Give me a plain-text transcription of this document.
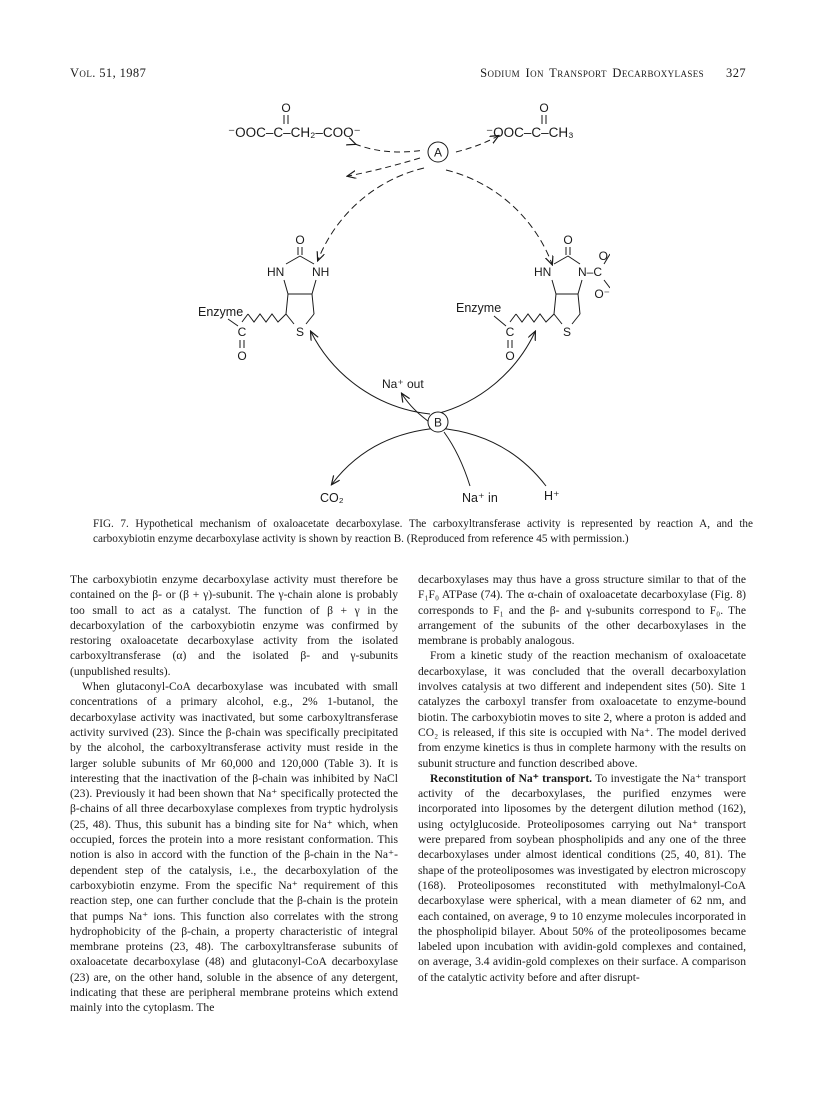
Vol. 51, 1987	Sodium Ion Transport Decarboxylases 327
O
⁻OOC–C–CH₂–COO⁻
O
⁻OOC–C–CH₃
A
O
HN NH
S
Enzyme
C
O
O
HN N–C
O
O⁻
S
Enzyme
C
O
Na⁺ out
B
CO₂	Na⁺ in	H⁺
FIG. 7. Hypothetical mechanism of oxaloacetate decarboxylase. The carboxyltransferase activity is represented by reaction A, and the carboxybiotin enzyme decarboxylase activity is shown by reaction B. (Reproduced from reference 45 with permission.)

The carboxybiotin enzyme decarboxylase activity must therefore be contained on the β- or (β + γ)-subunit. The γ-chain alone is probably too small to act as a catalyst. The function of β + γ in the decarboxylation of the carboxybiotin enzyme was confirmed by restoring oxaloacetate decarboxylase activity from the isolated carboxyltransferase (α) and the isolated β- and γ-subunits (unpublished results).

When glutaconyl-CoA decarboxylase was incubated with small concentrations of a primary alcohol, e.g., 2% 1-butanol, the decarboxylase activity was inactivated, but some carboxyltransferase activity survived (23). Since the β-chain was specifically precipitated by the alcohol, the carboxyltransferase activity must reside in the larger soluble subunits of Mr 60,000 and 120,000 (Table 3). It is interesting that the inactivation of the β-chain was inhibited by NaCl (23). Previously it had been shown that Na⁺ specifically protected the β-chains of all three decarboxylase complexes from tryptic hydrolysis (25, 48). Thus, this subunit has a binding site for Na⁺ which, when occupied, forces the protein into a more resistant conformation. This notion is also in accord with the function of the β-chain in the Na⁺-dependent step of the catalysis, i.e., the decarboxylation of the carboxybiotin enzyme. From the specific Na⁺ requirement of this reaction step, one can further conclude that the β-chain is the protein that pumps Na⁺ ions. This function also correlates with the strong hydrophobicity of the β-chain, a property characteristic of integral membrane proteins (23, 48). The carboxyltransferase subunits of oxaloacetate decarboxylase (48) and glutaconyl-CoA decarboxylase (23) are, on the other hand, soluble in the absence of any detergent, indicating that these are peripheral membrane proteins which extend mainly into the cytoplasm. The

decarboxylases may thus have a gross structure similar to that of the F₁F₀ ATPase (74). The α-chain of oxaloacetate decarboxylase (Fig. 8) corresponds to F₁ and the β- and γ-subunits correspond to F₀. The arrangement of the subunits of the other decarboxylases in the membrane is probably analogous.

From a kinetic study of the reaction mechanism of oxaloacetate decarboxylase, it was concluded that the overall decarboxylation involves catalysis at two different and independent sites (50). Site 1 catalyzes the carboxyl transfer from oxaloacetate to enzyme-bound biotin. The carboxybiotin moves to site 2, where a proton is added and CO₂ is released, if this site is occupied with Na⁺. The model derived from enzyme kinetics is thus in complete harmony with the results on subunit structure and function described above.

Reconstitution of Na⁺ transport. To investigate the Na⁺ transport activity of the decarboxylases, the purified enzymes were incorporated into liposomes by the detergent dilution method (162), using octylglucoside. Proteoliposomes carrying out Na⁺ transport were prepared from soybean phospholipids and any one of the three decarboxylases under almost identical conditions (25, 40, 81). The shape of the proteoliposomes was investigated by electron microscopy (168). Proteoliposomes reconstituted with methylmalonyl-CoA decarboxylase were spherical, with a mean diameter of 62 nm, and each contained, on average, 9 to 10 enzyme molecules incorporated in the phospholipid bilayer. About 50% of the proteoliposomes became labeled upon incubation with avidin-gold complexes and contained, on average, 3.4 avidin-gold complexes on their surface. A comparison of the catalytic activity before and after disrupt-
